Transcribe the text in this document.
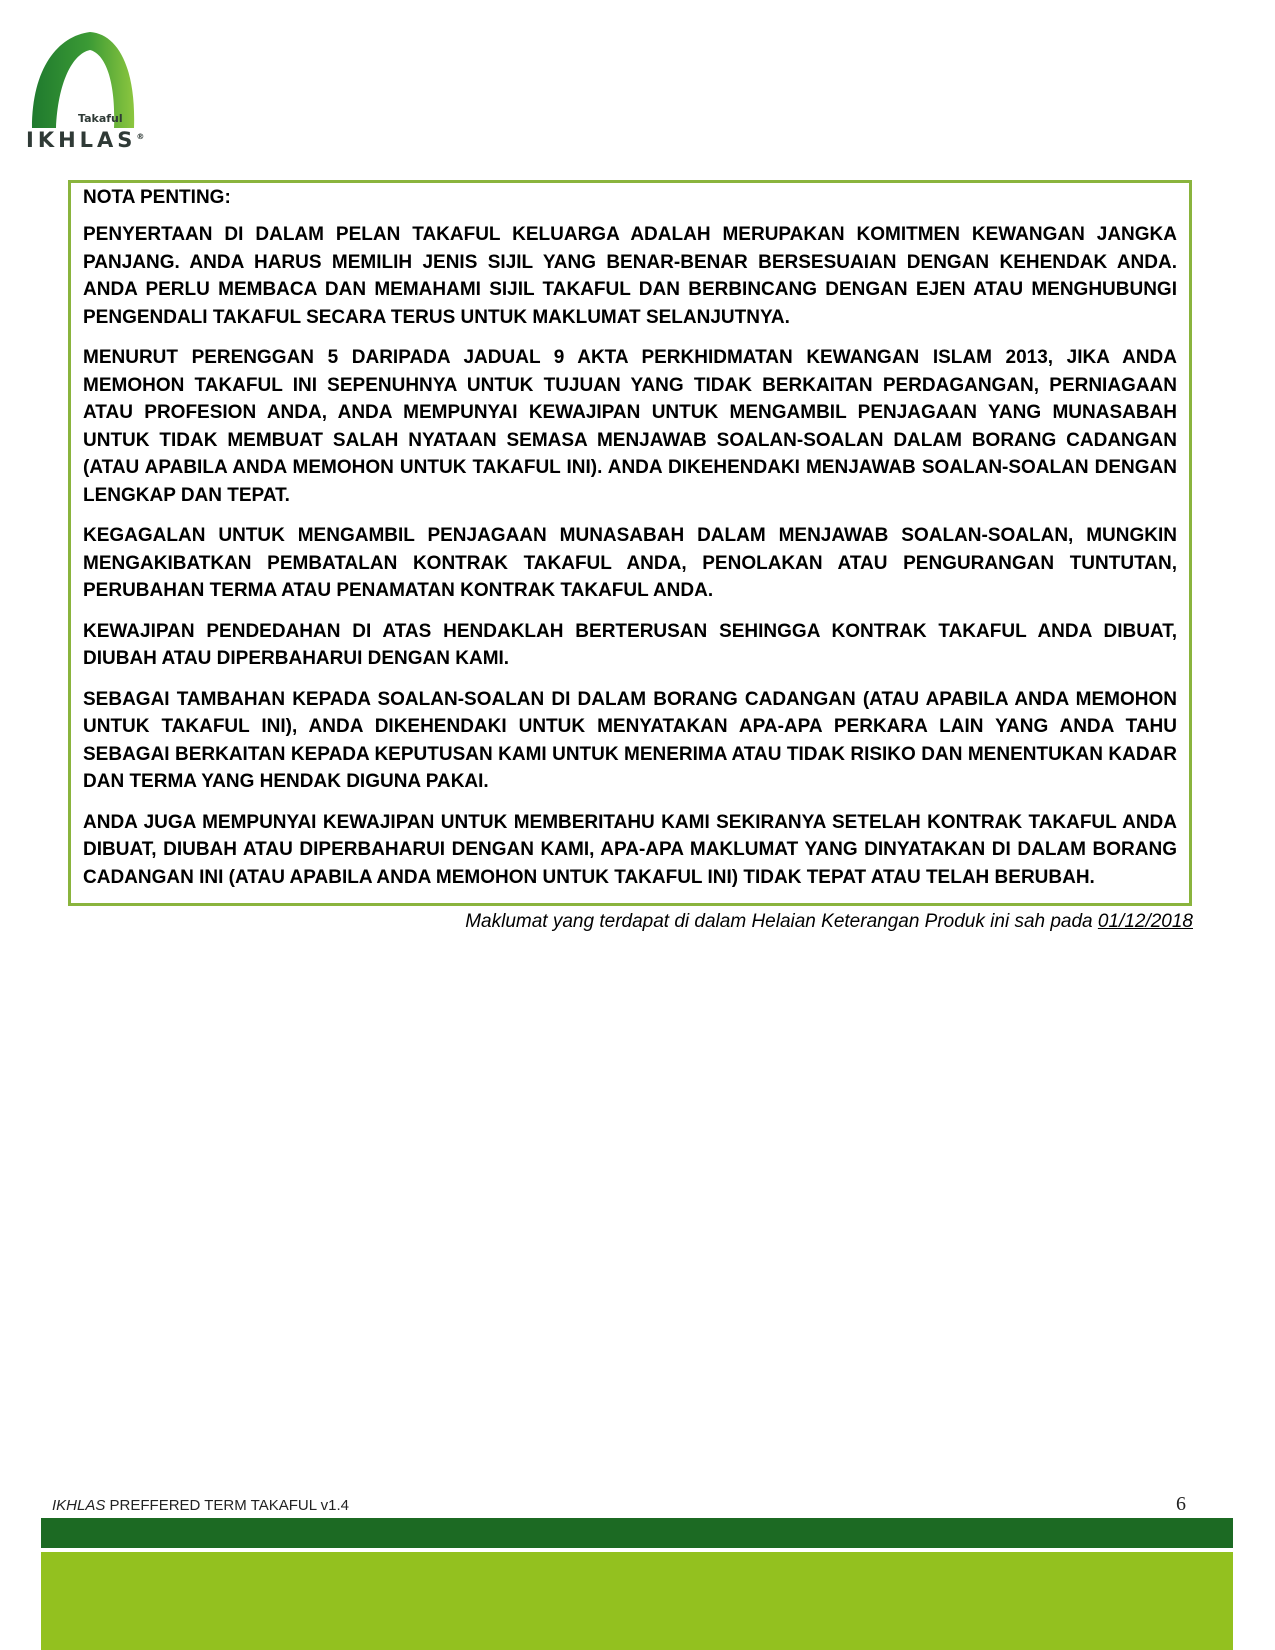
Takaful
IKHLAS®
NOTA PENTING:

PENYERTAAN DI DALAM PELAN TAKAFUL KELUARGA ADALAH MERUPAKAN KOMITMEN KEWANGAN JANGKA PANJANG. ANDA HARUS MEMILIH JENIS SIJIL YANG BENAR-BENAR BERSESUAIAN DENGAN KEHENDAK ANDA. ANDA PERLU MEMBACA DAN MEMAHAMI SIJIL TAKAFUL DAN BERBINCANG DENGAN EJEN ATAU MENGHUBUNGI PENGENDALI TAKAFUL SECARA TERUS UNTUK MAKLUMAT SELANJUTNYA.

MENURUT PERENGGAN 5 DARIPADA JADUAL 9 AKTA PERKHIDMATAN KEWANGAN ISLAM 2013, JIKA ANDA MEMOHON TAKAFUL INI SEPENUHNYA UNTUK TUJUAN YANG TIDAK BERKAITAN PERDAGANGAN, PERNIAGAAN ATAU PROFESION ANDA, ANDA MEMPUNYAI KEWAJIPAN UNTUK MENGAMBIL PENJAGAAN YANG MUNASABAH UNTUK TIDAK MEMBUAT SALAH NYATAAN SEMASA MENJAWAB SOALAN-SOALAN DALAM BORANG CADANGAN (ATAU APABILA ANDA MEMOHON UNTUK TAKAFUL INI). ANDA DIKEHENDAKI MENJAWAB SOALAN-SOALAN DENGAN LENGKAP DAN TEPAT.

KEGAGALAN UNTUK MENGAMBIL PENJAGAAN MUNASABAH DALAM MENJAWAB SOALAN-SOALAN, MUNGKIN MENGAKIBATKAN PEMBATALAN KONTRAK TAKAFUL ANDA, PENOLAKAN ATAU PENGURANGAN TUNTUTAN, PERUBAHAN TERMA ATAU PENAMATAN KONTRAK TAKAFUL ANDA.

KEWAJIPAN PENDEDAHAN DI ATAS HENDAKLAH BERTERUSAN SEHINGGA KONTRAK TAKAFUL ANDA DIBUAT, DIUBAH ATAU DIPERBAHARUI DENGAN KAMI.

SEBAGAI TAMBAHAN KEPADA SOALAN-SOALAN DI DALAM BORANG CADANGAN (ATAU APABILA ANDA MEMOHON UNTUK TAKAFUL INI), ANDA DIKEHENDAKI UNTUK MENYATAKAN APA-APA PERKARA LAIN YANG ANDA TAHU SEBAGAI BERKAITAN KEPADA KEPUTUSAN KAMI UNTUK MENERIMA ATAU TIDAK RISIKO DAN MENENTUKAN KADAR DAN TERMA YANG HENDAK DIGUNA PAKAI.

ANDA JUGA MEMPUNYAI KEWAJIPAN UNTUK MEMBERITAHU KAMI SEKIRANYA SETELAH KONTRAK TAKAFUL ANDA DIBUAT, DIUBAH ATAU DIPERBAHARUI DENGAN KAMI, APA-APA MAKLUMAT YANG DINYATAKAN DI DALAM BORANG CADANGAN INI (ATAU APABILA ANDA MEMOHON UNTUK TAKAFUL INI) TIDAK TEPAT ATAU TELAH BERUBAH.

Maklumat yang terdapat di dalam Helaian Keterangan Produk ini sah pada 01/12/2018
IKHLAS PREFFERED TERM TAKAFUL v1.4	6
